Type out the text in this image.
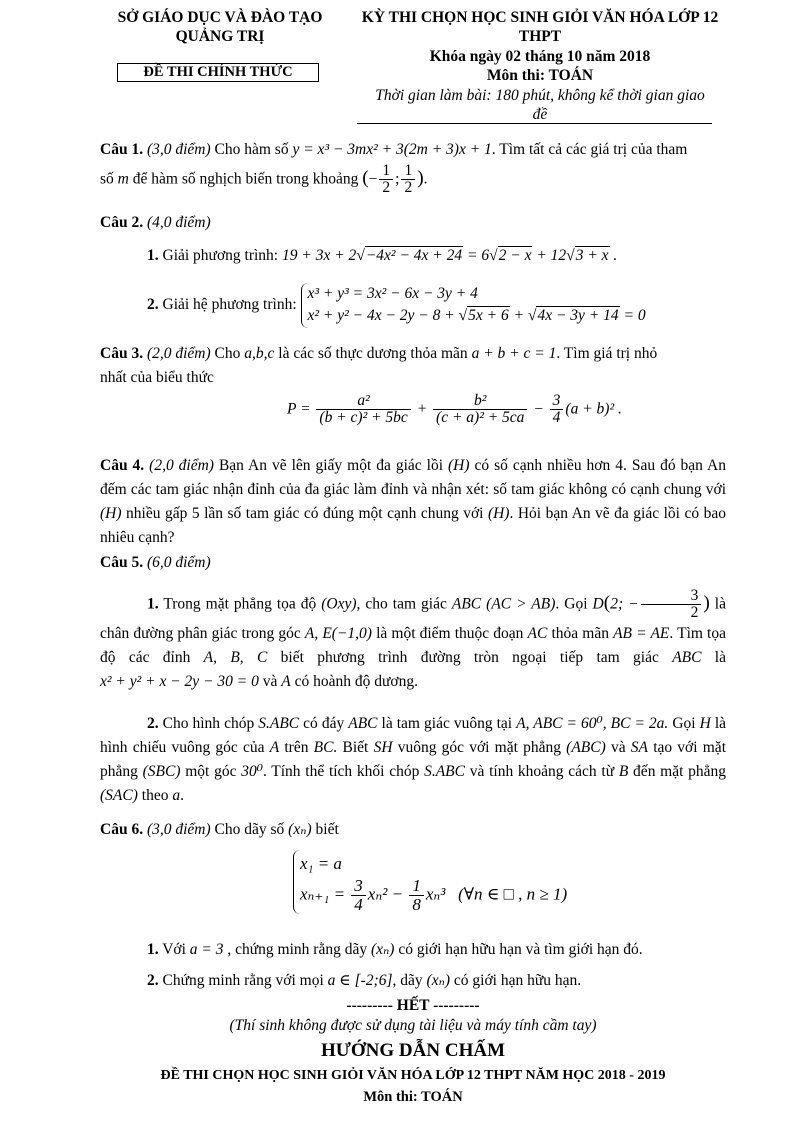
SỞ GIÁO DỤC VÀ ĐÀO TẠO
QUẢNG TRỊ
ĐỀ THI CHÍNH THỨC
KỲ THI CHỌN HỌC SINH GIỎI VĂN HÓA LỚP 12
THPT
Khóa ngày 02 tháng 10 năm 2018
Môn thi: TOÁN
Thời gian làm bài: 180 phút, không kể thời gian giao
đề
Câu 1. (3,0 điểm) Cho hàm số y = x³ − 3mx² + 3(2m + 3)x + 1. Tìm tất cả các giá trị của tham
số m để hàm số nghịch biến trong khoảng (− $\frac{1}{2}$ ; $\frac{1}{2}$ ).
Câu 2. (4,0 điểm)
1. Giải phương trình: 19 + 3x + 2√−4x² − 4x + 24 = 6√2 − x + 12√3 + x .
2. Giải hệ phương trình:
x³ + y³ = 3x² − 6x − 3y + 4
x² + y² − 4x − 2y − 8 + √5x + 6 + √4x − 3y + 14 = 0
Câu 3. (2,0 điểm) Cho a,b,c là các số thực dương thỏa mãn a + b + c = 1. Tìm giá trị nhỏ
nhất của biểu thức
$P = \frac{\text{a²}}{\text{(b + c)² + 5bc}} + \frac{\text{b²}}{\text{(c + a)² + 5ca}} - \frac{3}{4} (a + b)^2$ .
Câu 4. (2,0 điểm) Bạn An vẽ lên giấy một đa giác lồi (H) có số cạnh nhiều hơn 4. Sau đó bạn An đếm các tam giác nhận đỉnh của đa giác làm đỉnh và nhận xét: số tam giác không có cạnh chung với (H) nhiều gấp 5 lần số tam giác có đúng một cạnh chung với (H). Hỏi bạn An vẽ đa giác lồi có bao nhiêu cạnh?
Câu 5. (6,0 điểm)
1. Trong mặt phẳng tọa độ (Oxy), cho tam giác ABC (AC > AB). Gọi D(2; − $\frac{3}{2}$ ) là chân đường phân giác trong góc A, E(−1,0) là một điểm thuộc đoạn AC thỏa mãn AB = AE. Tìm tọa độ các đỉnh A, B, C biết phương trình đường tròn ngoại tiếp tam giác ABC là x² + y² + x − 2y − 30 = 0 và A có hoành độ dương.
2. Cho hình chóp S.ABC có đáy ABC là tam giác vuông tại A, ABC = 60⁰, BC = 2a. Gọi H là hình chiếu vuông góc của A trên BC. Biết SH vuông góc với mặt phẳng (ABC) và SA tạo với mặt phẳng (SBC) một góc 30⁰. Tính thể tích khối chóp S.ABC và tính khoảng cách từ B đến mặt phẳng (SAC) theo a.
Câu 6. (3,0 điểm) Cho dãy số (xₙ) biết
x₁ = a
$x_{n+1} = \frac{3}{4} x_n^2 - \frac{1}{8} x_n^3$ (∀n ∈ □ , n ≥ 1)
1. Với a = 3 , chứng minh rằng dãy (xₙ) có giới hạn hữu hạn và tìm giới hạn đó.
2. Chứng minh rằng với mọi a ∈ [-2;6], dãy (xₙ) có giới hạn hữu hạn.
--------- HẾT ---------
(Thí sinh không được sử dụng tài liệu và máy tính cầm tay)
HƯỚNG DẪN CHẤM
ĐỀ THI CHỌN HỌC SINH GIỎI VĂN HÓA LỚP 12 THPT NĂM HỌC 2018 - 2019
Môn thi: TOÁN
